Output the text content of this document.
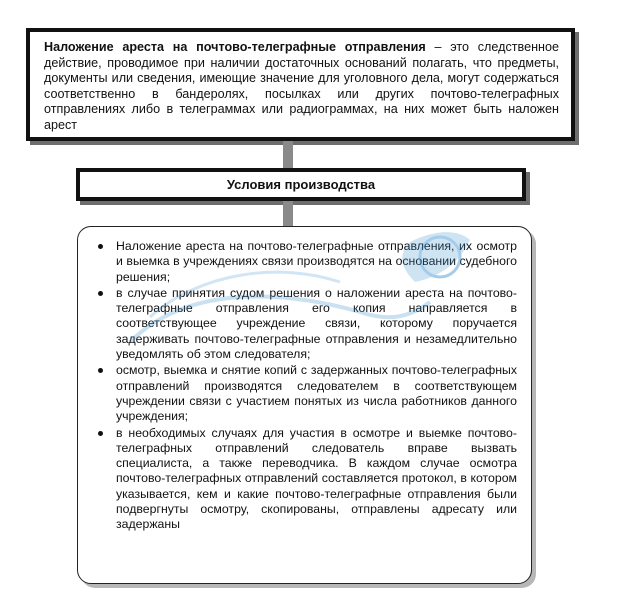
Наложение ареста на почтово-телеграфные отправления – это следственное действие, проводимое при наличии достаточных оснований полагать, что предметы, документы или сведения, имеющие значение для уголовного дела, могут содержаться соответственно в бандеролях, посылках или других почтово-телеграфных отправлениях либо в телеграммах или радиограммах, на них может быть наложен арест
Условия производства
Наложение ареста на почтово-телеграфные отправления, их осмотр и выемка в учреждениях связи производятся на основании судебного решения;
в случае принятия судом решения о наложении ареста на почтово-телеграфные отправления его копия направляется в соответствующее учреждение связи, которому поручается задерживать почтово-телеграфные отправления и незамедлительно уведомлять об этом следователя;
осмотр, выемка и снятие копий с задержанных почтово-телеграфных отправлений производятся следователем в соответствующем учреждении связи с участием понятых из числа работников данного учреждения;
в необходимых случаях для участия в осмотре и выемке почтово-телеграфных отправлений следователь вправе вызвать специалиста, а также переводчика. В каждом случае осмотра почтово-телеграфных отправлений составляется протокол, в котором указывается, кем и какие почтово-телеграфные отправления были подвергнуты осмотру, скопированы, отправлены адресату или задержаны
